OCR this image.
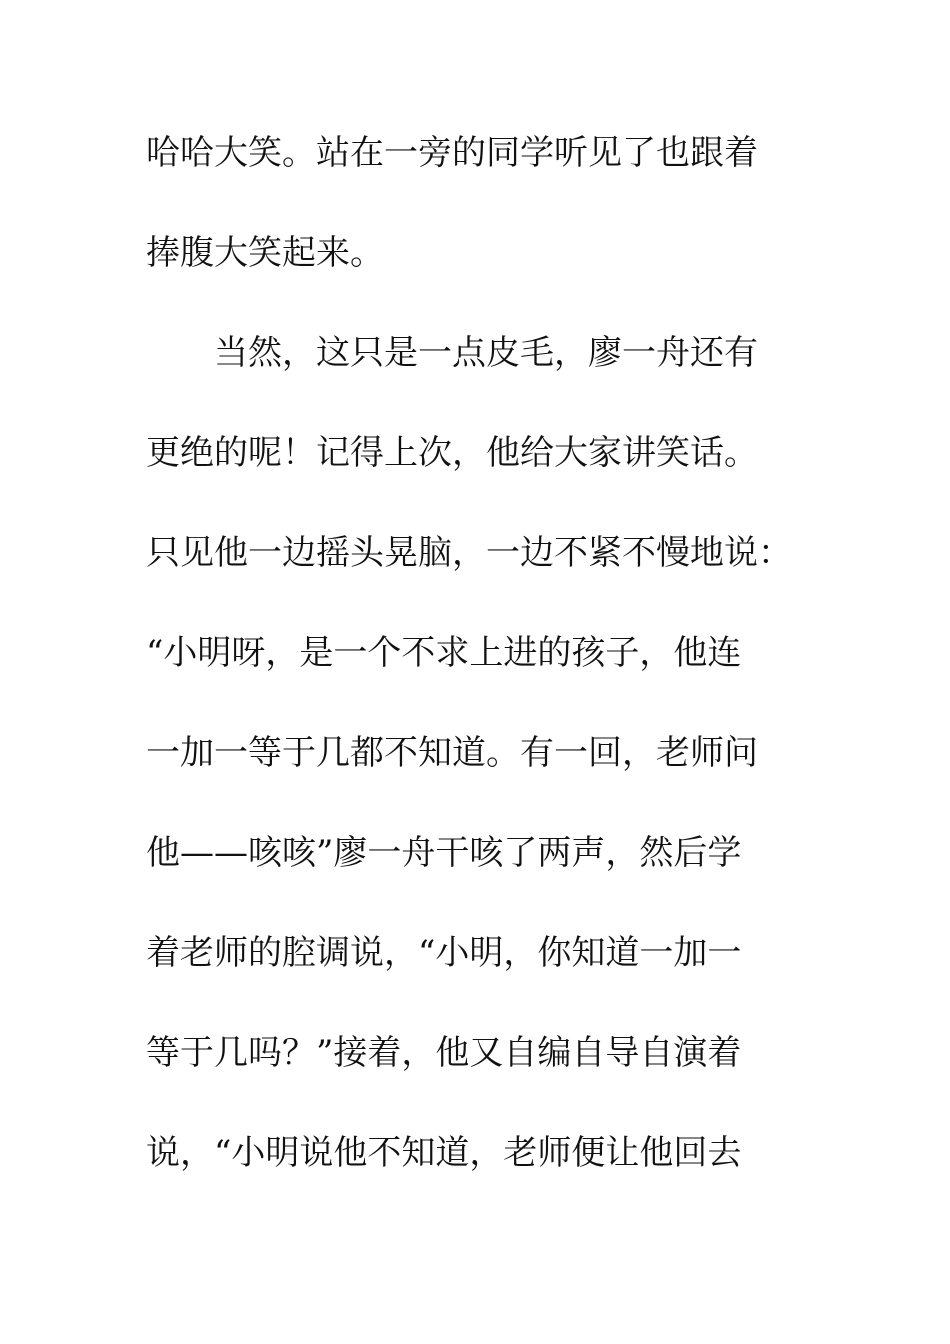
哈哈大笑。站在一旁的同学听见了也跟着
捧腹大笑起来。
　　当然，这只是一点皮毛，廖一舟还有
更绝的呢！记得上次，他给大家讲笑话。
只见他一边摇头晃脑，一边不紧不慢地说：
“小明呀，是一个不求上进的孩子，他连
一加一等于几都不知道。有一回，老师问
他——咳咳”廖一舟干咳了两声，然后学
着老师的腔调说，“小明，你知道一加一
等于几吗？”接着，他又自编自导自演着
说，“小明说他不知道，老师便让他回去
